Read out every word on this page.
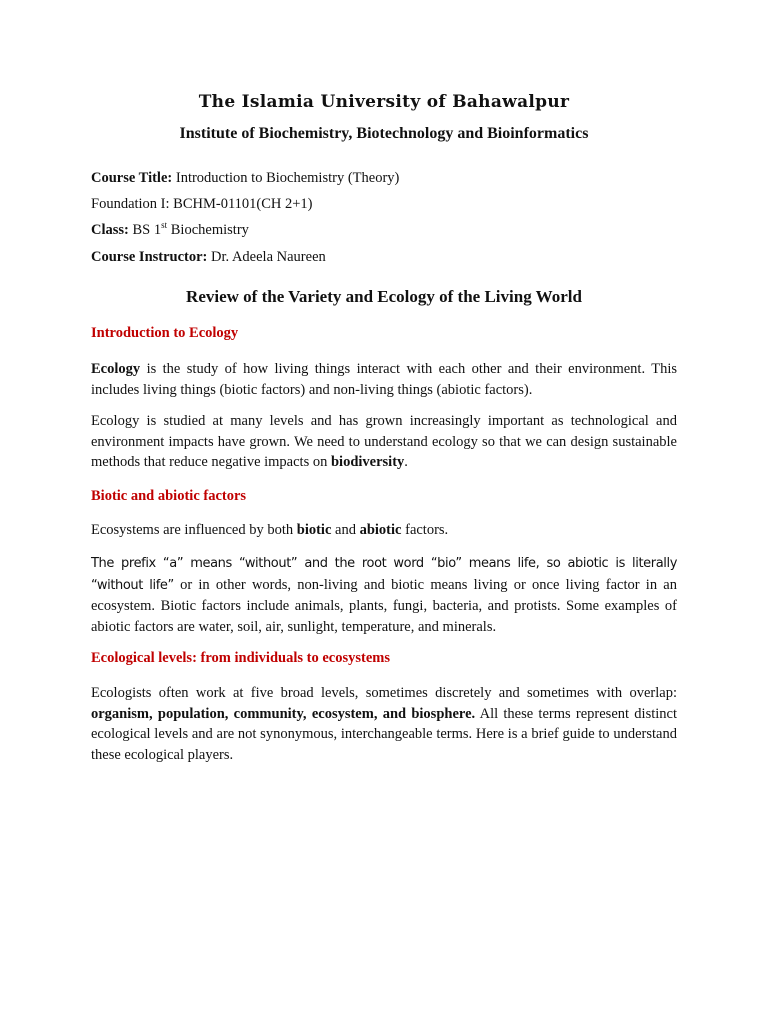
The Islamia University of Bahawalpur
Institute of Biochemistry, Biotechnology and Bioinformatics
Course Title: Introduction to Biochemistry (Theory)
Foundation I: BCHM-01101(CH 2+1)
Class: BS 1st Biochemistry
Course Instructor: Dr. Adeela Naureen
Review of the Variety and Ecology of the Living World
Introduction to Ecology
Ecology is the study of how living things interact with each other and their environment. This includes living things (biotic factors) and non-living things (abiotic factors).
Ecology is studied at many levels and has grown increasingly important as technological and environment impacts have grown. We need to understand ecology so that we can design sustainable methods that reduce negative impacts on biodiversity.
Biotic and abiotic factors
Ecosystems are influenced by both biotic and abiotic factors.
The prefix “a” means “without” and the root word “bio” means life, so abiotic is literally “without life” or in other words, non-living and biotic means living or once living factor in an ecosystem. Biotic factors include animals, plants, fungi, bacteria, and protists. Some examples of abiotic factors are water, soil, air, sunlight, temperature, and minerals.
Ecological levels: from individuals to ecosystems
Ecologists often work at five broad levels, sometimes discretely and sometimes with overlap: organism, population, community, ecosystem, and biosphere. All these terms represent distinct ecological levels and are not synonymous, interchangeable terms. Here is a brief guide to understand these ecological players.
